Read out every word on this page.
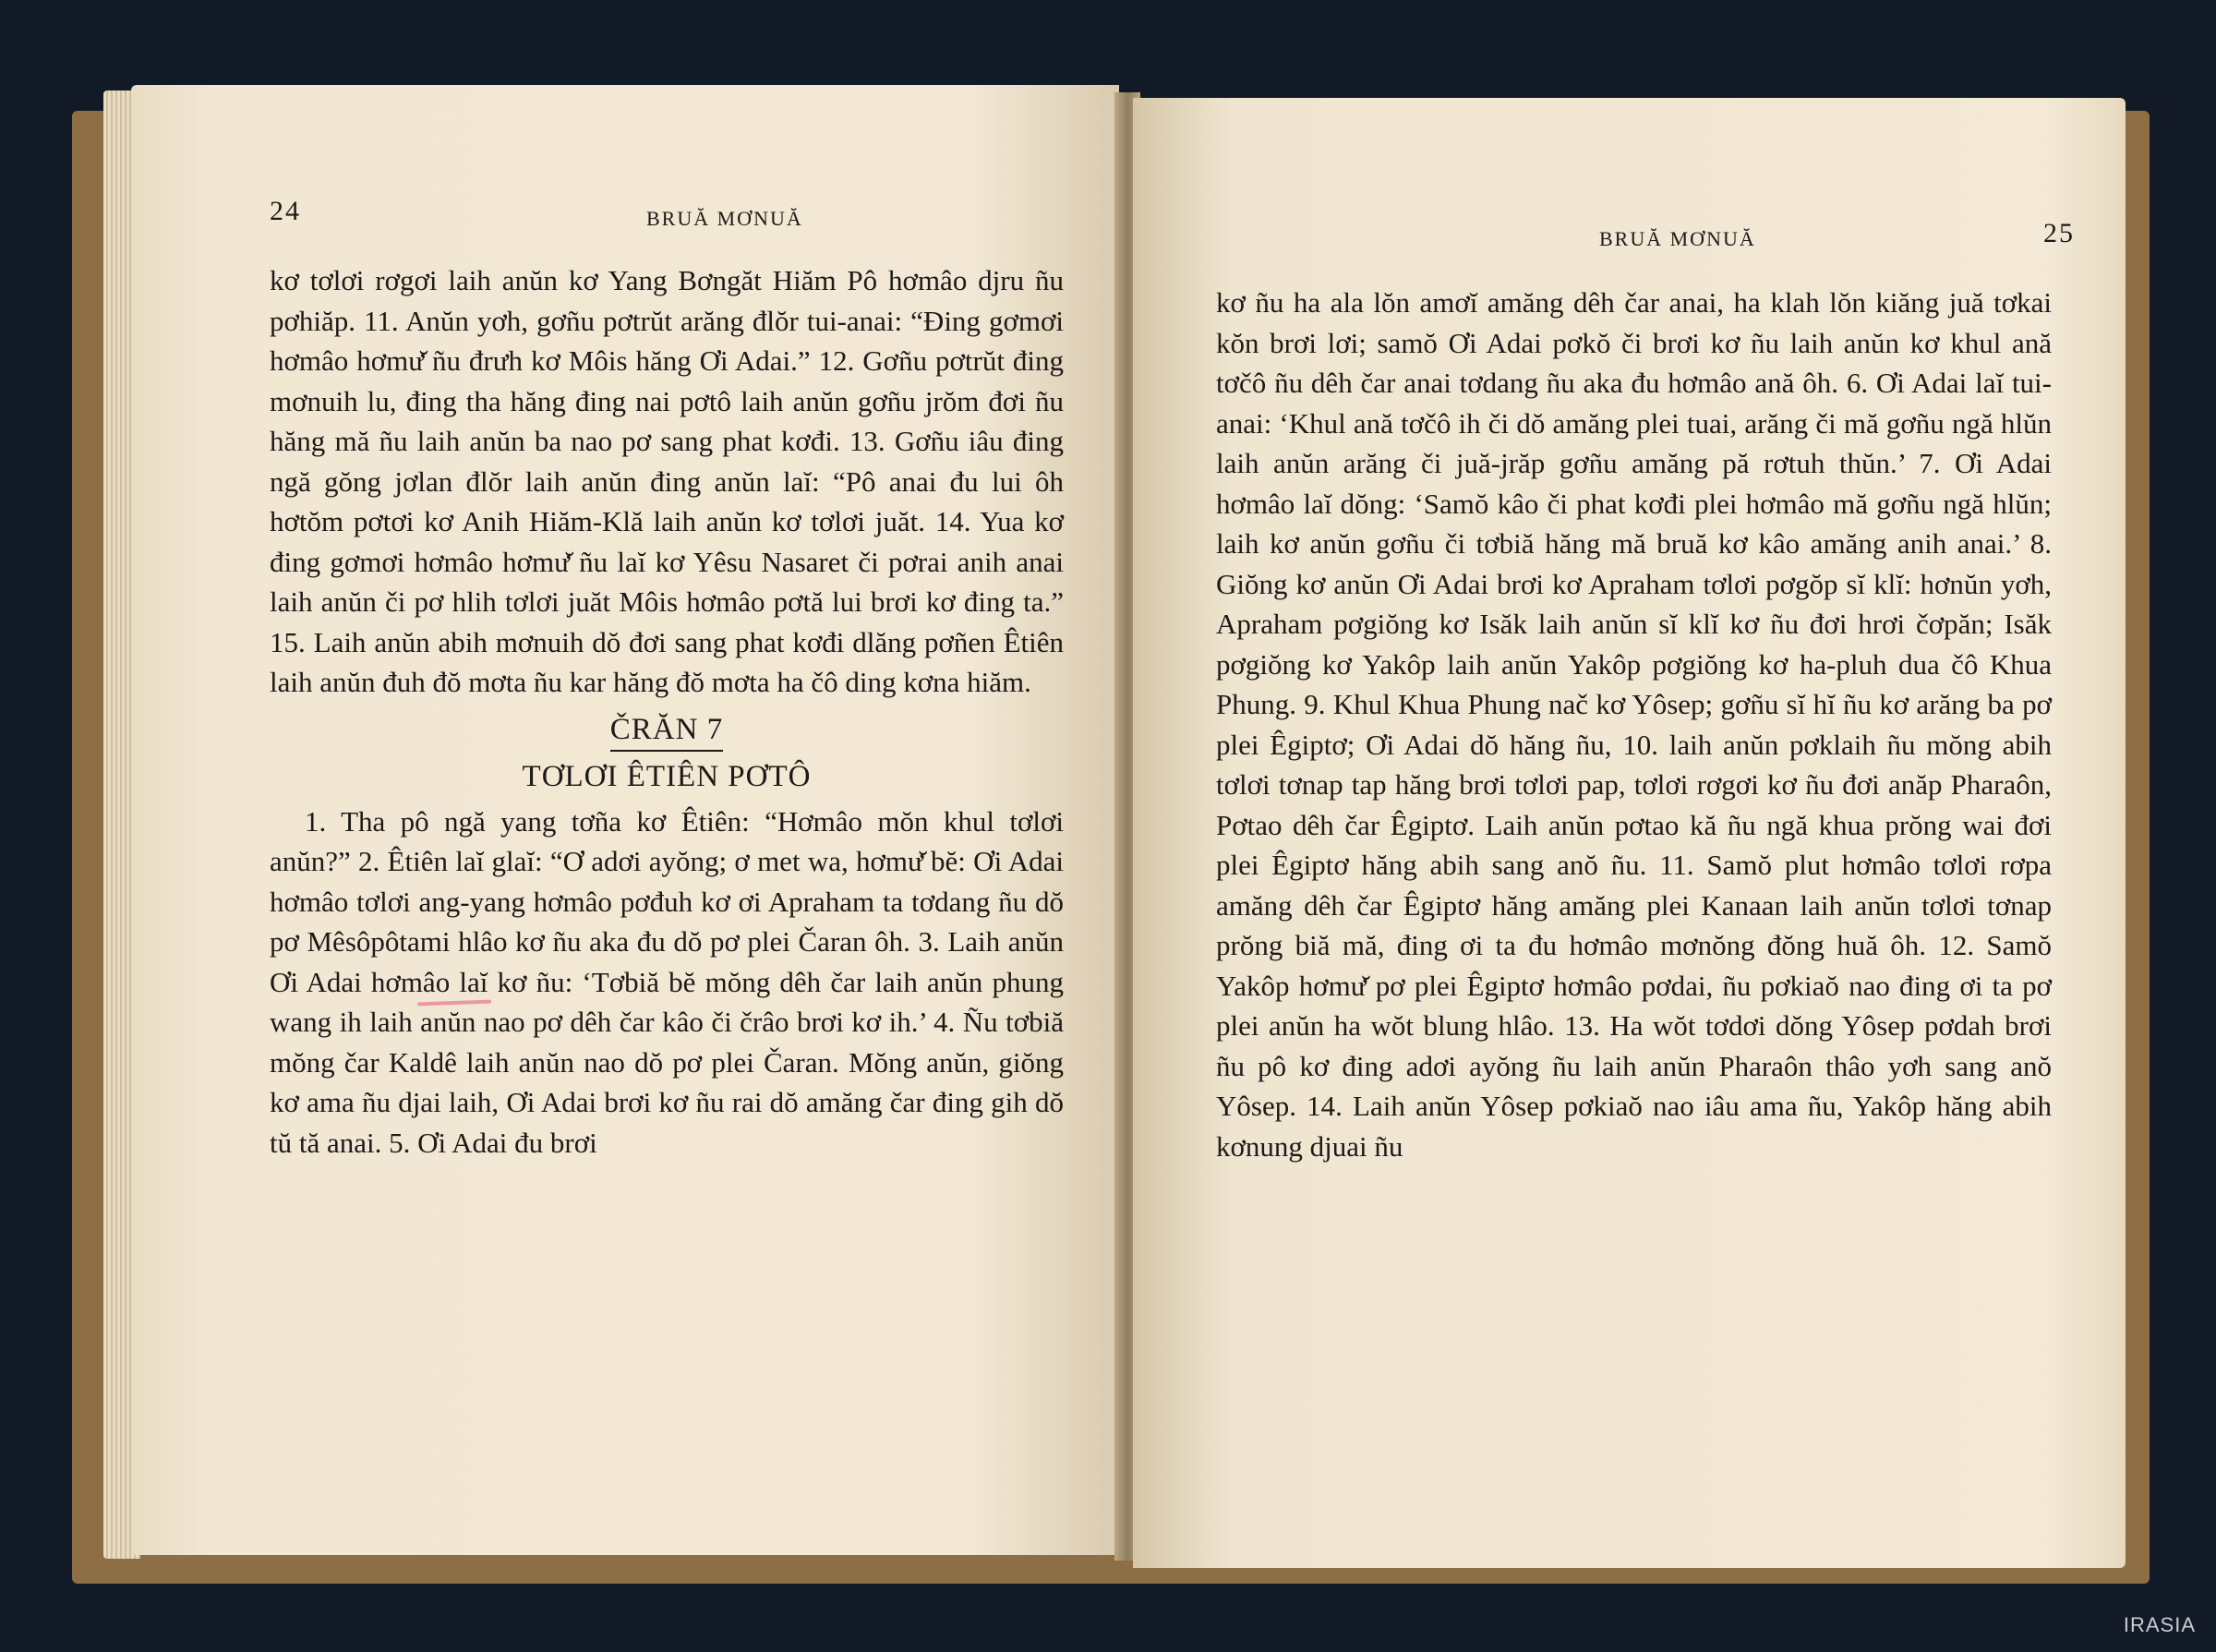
24	BRUĂ MƠNUĂ

kơ tơlơi rơgơi laih anŭn kơ Yang Bơngăt Hiăm Pô hơmâo djru ñu pơhiăp. 11. Anŭn yơh, gơñu pơtrŭt arăng đlŏr tui-anai: “Đing gơmơi hơmâo hơmư̆ ñu đrưh kơ Môis hăng Ơi Adai.” 12. Gơñu pơtrŭt đing mơnuih lu, đing tha hăng đing nai pơtô laih anŭn gơñu jrŏm đơi ñu hăng mă ñu laih anŭn ba nao pơ sang phat kơđi. 13. Gơñu iâu đing ngă gŏng jơlan đlŏr laih anŭn đing anŭn laĭ: “Pô anai đu lui ôh hơtŏm pơtơi kơ Anih Hiăm-Klă laih anŭn kơ tơlơi juăt. 14. Yua kơ đing gơmơi hơmâo hơmư̆ ñu laĭ kơ Yêsu Nasaret či pơrai anih anai laih anŭn či pơ hlih tơlơi juăt Môis hơmâo pơtă lui brơi kơ đing ta.” 15. Laih anŭn abih mơnuih dŏ đơi sang phat kơđi dlăng pơñen Êtiên laih anŭn đuh đŏ mơta ñu kar hăng đŏ mơta ha čô ding kơna hiăm.

ČRĂN 7
TƠLƠI ÊTIÊN PƠTÔ

1. Tha pô ngă yang tơña kơ Êtiên: “Hơmâo mŏn khul tơlơi anŭn?” 2. Êtiên laĭ glaĭ: “Ơ adơi ayŏng; ơ met wa, hơmư̆ bĕ: Ơi Adai hơmâo tơlơi ang-yang hơmâo pơđuh kơ ơi Apraham ta tơdang ñu dŏ pơ Mêsôpôtami hlâo kơ ñu aka đu dŏ pơ plei Čaran ôh. 3. Laih anŭn Ơi Adai hơmâo laĭ kơ ñu: ‘Tơbiă bĕ mŏng dêh čar laih anŭn phung wang ih laih anŭn nao pơ dêh čar kâo či črâo brơi kơ ih.’ 4. Ñu tơbiă mŏng čar Kaldê laih anŭn nao dŏ pơ plei Čaran. Mŏng anŭn, giŏng kơ ama ñu djai laih, Ơi Adai brơi kơ ñu rai dŏ amăng čar đing gih dŏ tŭ tă anai. 5. Ơi Adai đu brơi

BRUĂ MƠNUĂ	25

kơ ñu ha ala lŏn amơĭ amăng dêh čar anai, ha klah lŏn kiăng juă tơkai kŏn brơi lơi; samŏ Ơi Adai pơkŏ či brơi kơ ñu laih anŭn kơ khul ană tơčô ñu dêh čar anai tơdang ñu aka đu hơmâo ană ôh. 6. Ơi Adai laĭ tui-anai: ‘Khul ană tơčô ih či dŏ amăng plei tuai, arăng či mă gơñu ngă hlŭn laih anŭn arăng či juă-jrăp gơñu amăng pă rơtuh thŭn.’ 7. Ơi Adai hơmâo laĭ dŏng: ‘Samŏ kâo či phat kơđi plei hơmâo mă gơñu ngă hlŭn; laih kơ anŭn gơñu či tơbiă hăng mă bruă kơ kâo amăng anih anai.’ 8. Giŏng kơ anŭn Ơi Adai brơi kơ Apraham tơlơi pơgŏp sĭ klĭ: hơnŭn yơh, Apraham pơgiŏng kơ Isăk laih anŭn sĭ klĭ kơ ñu đơi hrơi čơpăn; Isăk pơgiŏng kơ Yakôp laih anŭn Yakôp pơgiŏng kơ ha-pluh dua čô Khua Phung. 9. Khul Khua Phung nač kơ Yôsep; gơñu sĭ hĭ ñu kơ arăng ba pơ plei Êgiptơ; Ơi Adai dŏ hăng ñu, 10. laih anŭn pơklaih ñu mŏng abih tơlơi tơnap tap hăng brơi tơlơi pap, tơlơi rơgơi kơ ñu đơi anăp Pharaôn, Pơtao dêh čar Êgiptơ. Laih anŭn pơtao kă ñu ngă khua prŏng wai đơi plei Êgiptơ hăng abih sang anŏ ñu. 11. Samŏ plut hơmâo tơlơi rơpa amăng dêh čar Êgiptơ hăng amăng plei Kanaan laih anŭn tơlơi tơnap prŏng biă mă, đing ơi ta đu hơmâo mơnŏng đŏng huă ôh. 12. Samŏ Yakôp hơmư̆ pơ plei Êgiptơ hơmâo pơdai, ñu pơkiaŏ nao đing ơi ta pơ plei anŭn ha wŏt blung hlâo. 13. Ha wŏt tơdơi dŏng Yôsep pơdah brơi ñu pô kơ đing adơi ayŏng ñu laih anŭn Pharaôn thâo yơh sang anŏ Yôsep. 14. Laih anŭn Yôsep pơkiaŏ nao iâu ama ñu, Yakôp hăng abih kơnung djuai ñu

IRASIA
